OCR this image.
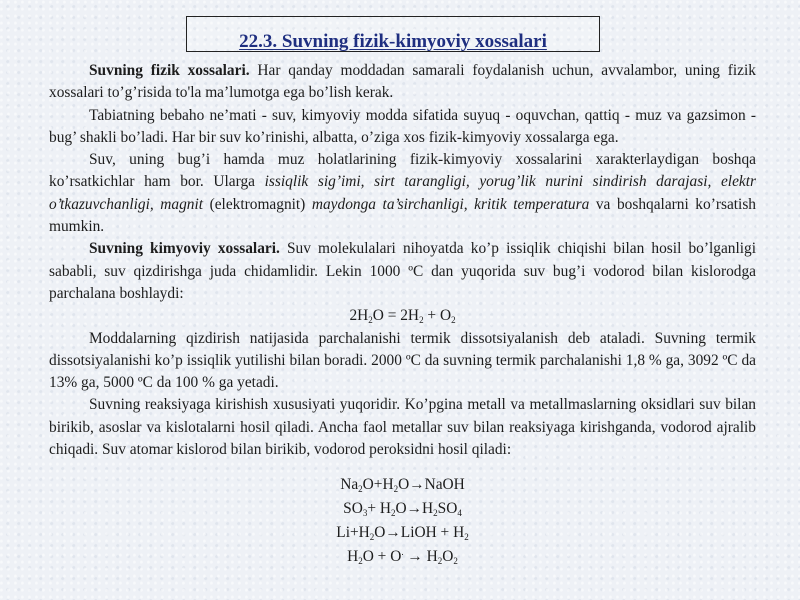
22.3. Suvning fizik-kimyoviy xossalari

Suvning fizik xossalari. Har qanday moddadan samarali foydalanish uchun, avvalambor, uning fizik xossalari to’g’risida to'la ma’lumotga ega bo’lish kerak.

Tabiatning bebaho ne’mati - suv, kimyoviy modda sifatida suyuq - oquvchan, qattiq - muz va gazsimon - bug’ shakli bo’ladi. Har bir suv ko’rinishi, albatta, o’ziga xos fizik-kimyoviy xossalarga ega.

Suv, uning bug’i hamda muz holatlarining fizik-kimyoviy xossalarini xarakterlaydigan boshqa ko’rsatkichlar ham bor. Ularga issiqlik sig’imi, sirt tarangligi, yorug’lik nurini sindirish darajasi, elektr o’tkazuvchanligi, magnit (elektromagnit) maydonga ta’sirchanligi, kritik temperatura va boshqalarni ko’rsatish mumkin.

Suvning kimyoviy xossalari. Suv molekulalari nihoyatda ko’p issiqlik chiqishi bilan hosil bo’lganligi sababli, suv qizdirishga juda chidamlidir. Lekin 1000 ºC dan yuqorida suv bug’i vodorod bilan kislorodga parchalana boshlaydi:

$2H_2O = 2H_2 + O_2$

Moddalarning qizdirish natijasida parchalanishi termik dissotsiyalanish deb ataladi. Suvning termik dissotsiyalanishi ko’p issiqlik yutilishi bilan boradi. 2000 ºC da suvning termik parchalanishi 1,8 % ga, 3092 ºC da 13% ga, 5000 ºC da 100 % ga yetadi.

Suvning reaksiyaga kirishish xususiyati yuqoridir. Ko’pgina metall va metallmaslarning oksidlari suv bilan birikib, asoslar va kislotalarni hosil qiladi. Ancha faol metallar suv bilan reaksiyaga kirishganda, vodorod ajralib chiqadi. Suv atomar kislorod bilan birikib, vodorod peroksidni hosil qiladi:

$Na_2O+H_2O\to NaOH$

$SO_3+ H_2O\to H_2SO_4$

$Li+H_2O\to LiOH + H_2$

$H_2O + O^. \to H_2O_2$
